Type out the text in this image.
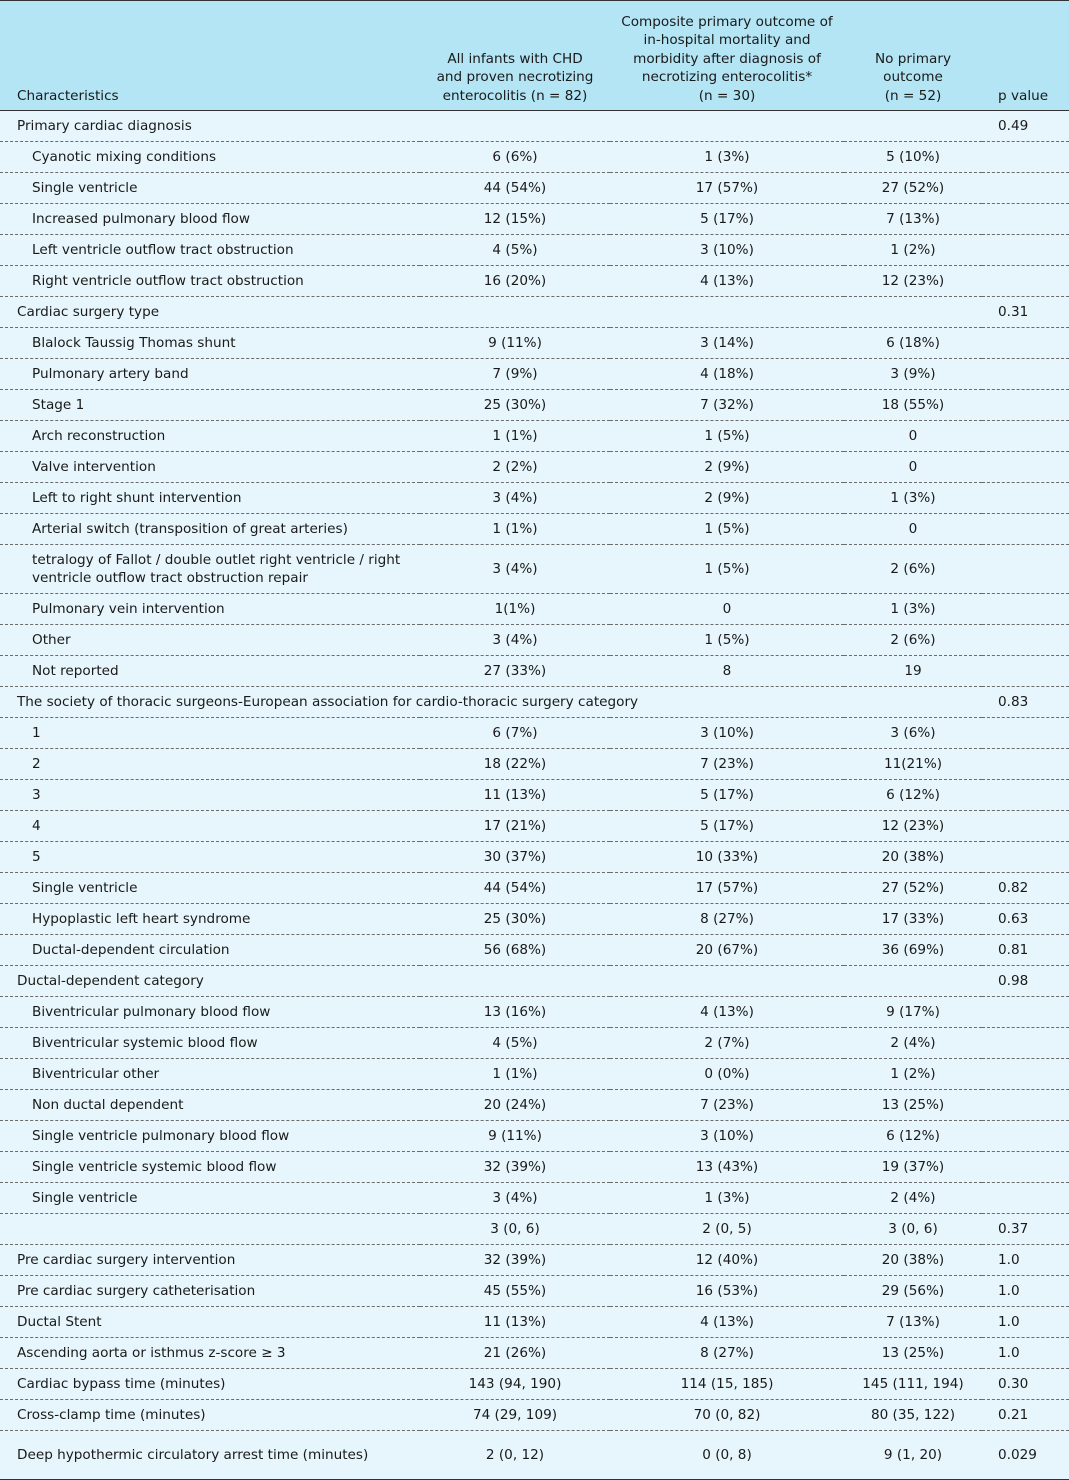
Characteristics	All infants with CHD
and proven necrotizing
enterocolitis (n = 82)	Composite primary outcome of
in-hospital mortality and
morbidity after diagnosis of
necrotizing enterocolitis*
(n = 30)	No primary
outcome
(n = 52)	p value
Primary cardiac diagnosis				0.49
Cyanotic mixing conditions	6 (6%)	1 (3%)	5 (10%)	
Single ventricle	44 (54%)	17 (57%)	27 (52%)	
Increased pulmonary blood flow	12 (15%)	5 (17%)	7 (13%)	
Left ventricle outflow tract obstruction	4 (5%)	3 (10%)	1 (2%)	
Right ventricle outflow tract obstruction	16 (20%)	4 (13%)	12 (23%)	
Cardiac surgery type				0.31
Blalock Taussig Thomas shunt	9 (11%)	3 (14%)	6 (18%)	
Pulmonary artery band	7 (9%)	4 (18%)	3 (9%)	
Stage 1	25 (30%)	7 (32%)	18 (55%)	
Arch reconstruction	1 (1%)	1 (5%)	0	
Valve intervention	2 (2%)	2 (9%)	0	
Left to right shunt intervention	3 (4%)	2 (9%)	1 (3%)	
Arterial switch (transposition of great arteries)	1 (1%)	1 (5%)	0	
tetralogy of Fallot / double outlet right ventricle / right ventricle outflow tract obstruction repair	3 (4%)	1 (5%)	2 (6%)	
Pulmonary vein intervention	1(1%)	0	1 (3%)	
Other	3 (4%)	1 (5%)	2 (6%)	
Not reported	27 (33%)	8	19	
The society of thoracic surgeons-European association for cardio-thoracic surgery category				0.83
1	6 (7%)	3 (10%)	3 (6%)	
2	18 (22%)	7 (23%)	11(21%)	
3	11 (13%)	5 (17%)	6 (12%)	
4	17 (21%)	5 (17%)	12 (23%)	
5	30 (37%)	10 (33%)	20 (38%)	
Single ventricle	44 (54%)	17 (57%)	27 (52%)	0.82
Hypoplastic left heart syndrome	25 (30%)	8 (27%)	17 (33%)	0.63
Ductal-dependent circulation	56 (68%)	20 (67%)	36 (69%)	0.81
Ductal-dependent category				0.98
Biventricular pulmonary blood flow	13 (16%)	4 (13%)	9 (17%)	
Biventricular systemic blood flow	4 (5%)	2 (7%)	2 (4%)	
Biventricular other	1 (1%)	0 (0%)	1 (2%)	
Non ductal dependent	20 (24%)	7 (23%)	13 (25%)	
Single ventricle pulmonary blood flow	9 (11%)	3 (10%)	6 (12%)	
Single ventricle systemic blood flow	32 (39%)	13 (43%)	19 (37%)	
Single ventricle	3 (4%)	1 (3%)	2 (4%)	
	3 (0, 6)	2 (0, 5)	3 (0, 6)	0.37
Pre cardiac surgery intervention	32 (39%)	12 (40%)	20 (38%)	1.0
Pre cardiac surgery catheterisation	45 (55%)	16 (53%)	29 (56%)	1.0
Ductal Stent	11 (13%)	4 (13%)	7 (13%)	1.0
Ascending aorta or isthmus z-score ≥ 3	21 (26%)	8 (27%)	13 (25%)	1.0
Cardiac bypass time (minutes)	143 (94, 190)	114 (15, 185)	145 (111, 194)	0.30
Cross-clamp time (minutes)	74 (29, 109)	70 (0, 82)	80 (35, 122)	0.21
Deep hypothermic circulatory arrest time (minutes)	2 (0, 12)	0 (0, 8)	9 (1, 20)	0.029
